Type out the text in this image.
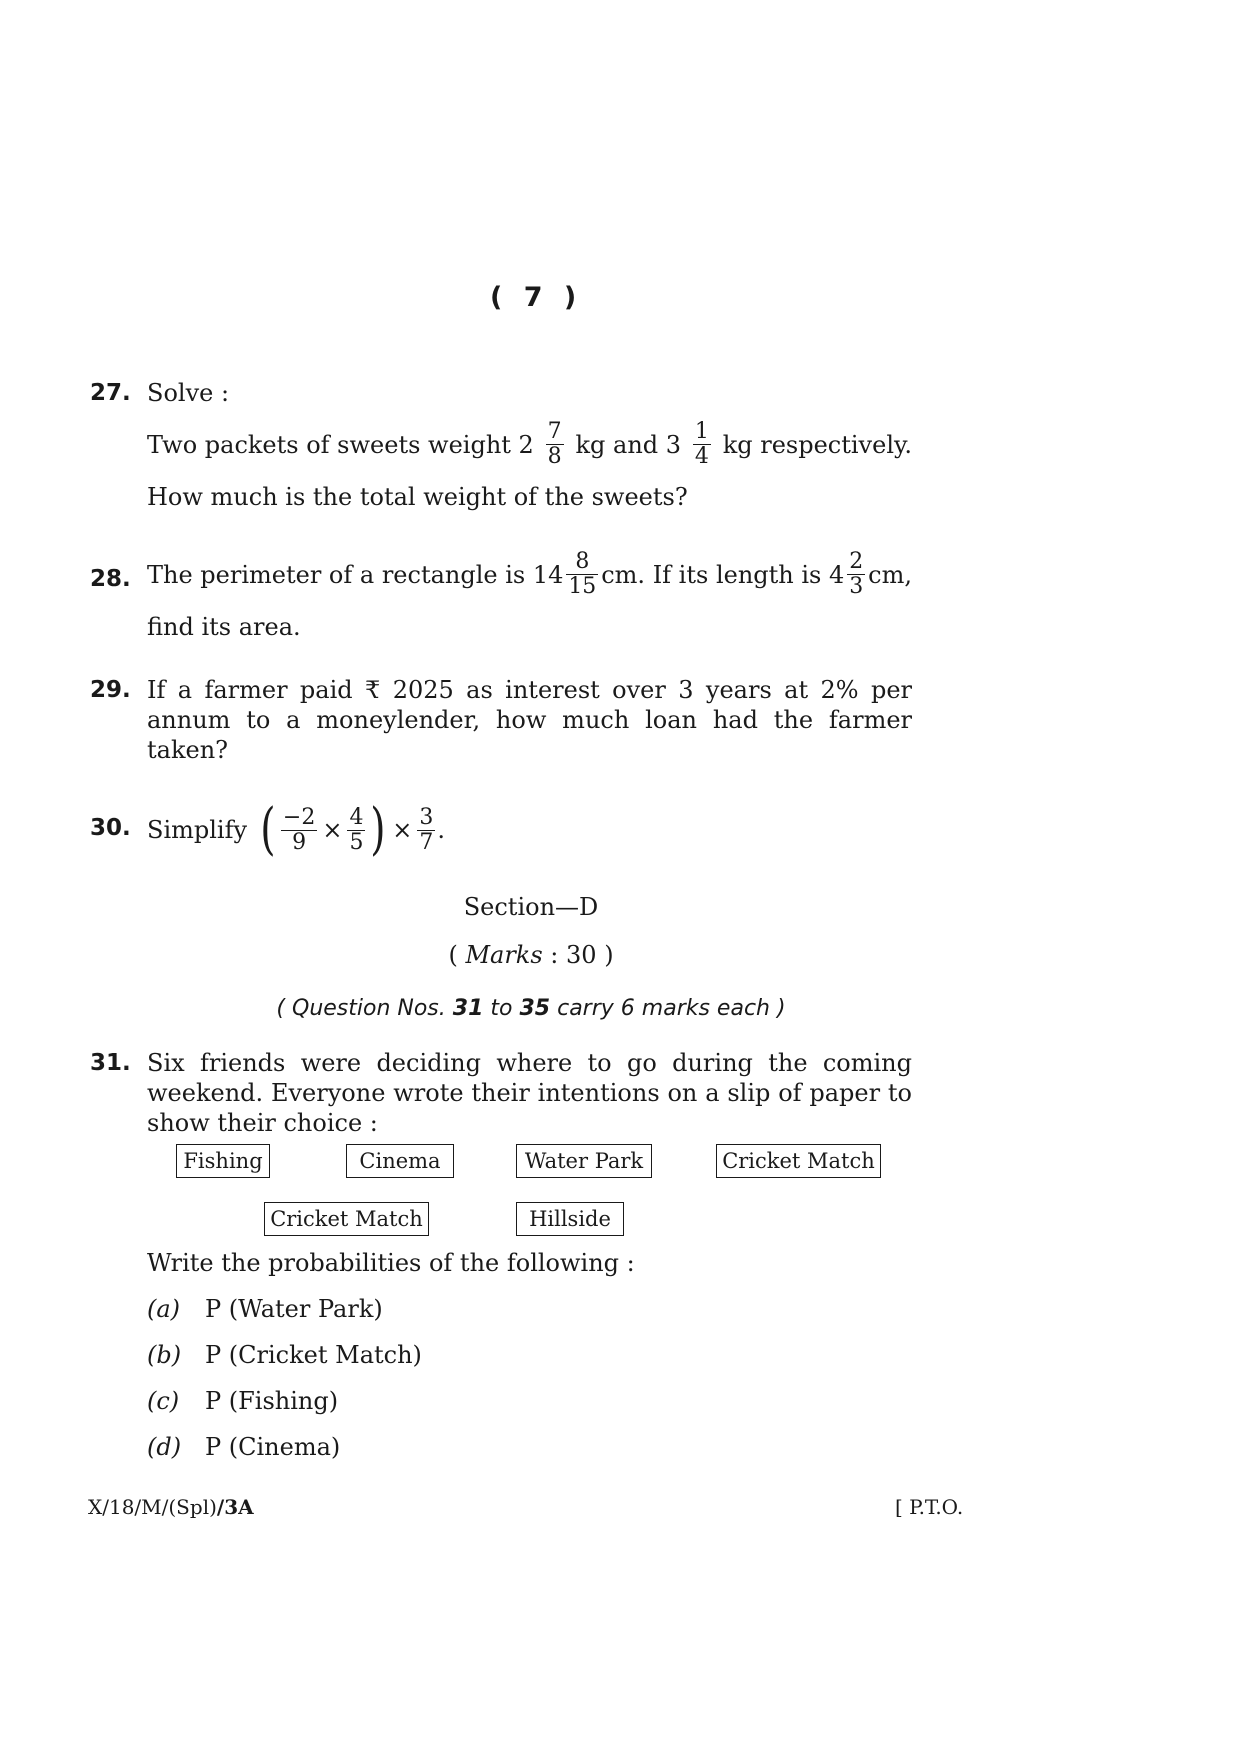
( 7 )
27. Solve :
Two packets of sweets weight $2 \frac{7}{8}$ kg and $3 \frac{1}{4}$ kg respectively.
How much is the total weight of the sweets?
28. The perimeter of a rectangle is $14 \frac{8}{15}$ cm. If its length is $4 \frac{2}{3}$ cm,
find its area.
29. If a farmer paid ₹ 2025 as interest over 3 years at 2% per annum to a moneylender, how much loan had the farmer taken?
30. Simplify ( $\frac{-2}{9} \times \frac{4}{5}$ ) × $\frac{3}{7}$ .
Section—D
( Marks : 30 )
( Question Nos. 31 to 35 carry 6 marks each )
31. Six friends were deciding where to go during the coming weekend. Everyone wrote their intentions on a slip of paper to show their choice :
Fishing	Cinema	Water Park	Cricket Match
Cricket Match	Hillside
Write the probabilities of the following :
(a) P (Water Park)
(b) P (Cricket Match)
(c) P (Fishing)
(d) P (Cinema)
X/18/M/(Spl)/3A	[ P.T.O.
